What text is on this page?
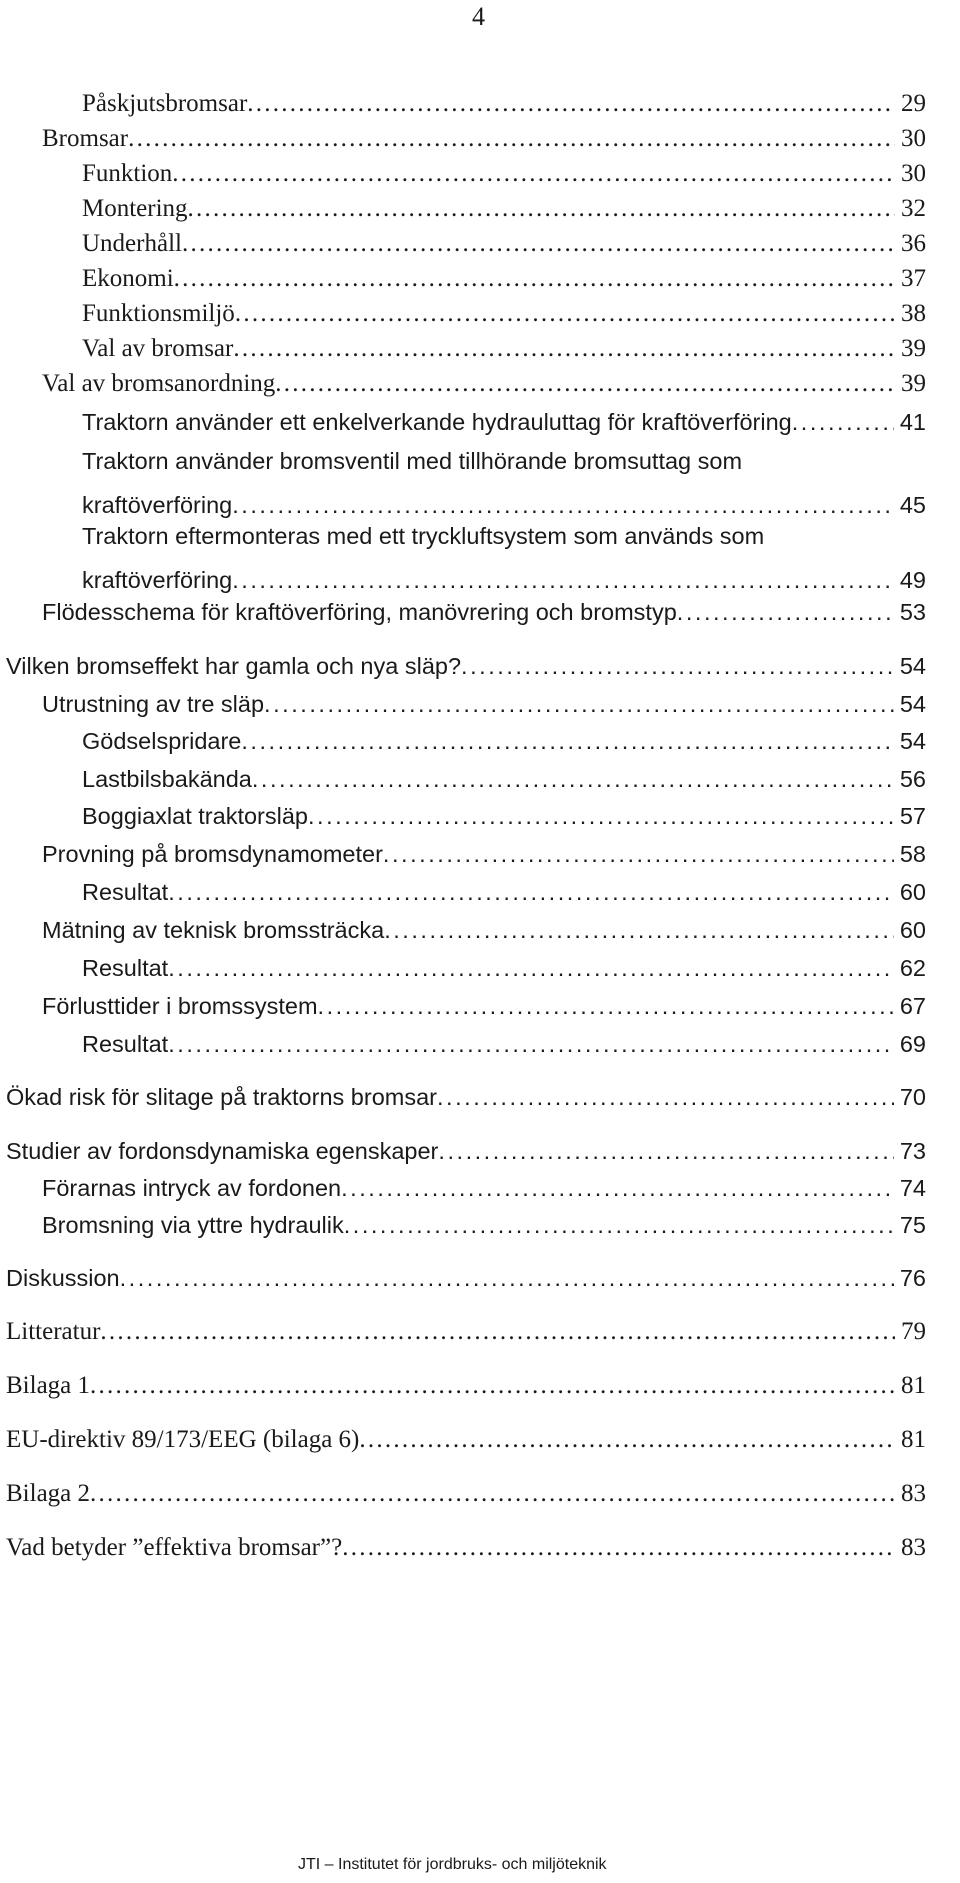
4
Påskjutsbromsar . . .	29
Bromsar . . .	30
Funktion . . .	30
Montering . . .	32
Underhåll . . .	36
Ekonomi . . .	37
Funktionsmiljö . . .	38
Val av bromsar . . .	39
Val av bromsanordning . . .	39
Traktorn använder ett enkelverkande hydrauluttag för kraftöverföring . . .	41
Traktorn använder bromsventil med tillhörande bromsuttag som
kraftöverföring . . .	45
Traktorn eftermonteras med ett tryckluftsystem som används som
kraftöverföring . . .	49
Flödesschema för kraftöverföring, manövrering och bromstyp . . .	53
Vilken bromseffekt har gamla och nya släp? . . .	54
Utrustning av tre släp . . .	54
Gödselspridare . . .	54
Lastbilsbakända . . .	56
Boggiaxlat traktorsläp . . .	57
Provning på bromsdynamometer . . .	58
Resultat . . .	60
Mätning av teknisk bromssträcka . . .	60
Resultat . . .	62
Förlusttider i bromssystem . . .	67
Resultat . . .	69
Ökad risk för slitage på traktorns bromsar . . .	70
Studier av fordonsdynamiska egenskaper . . .	73
Förarnas intryck av fordonen . . .	74
Bromsning via yttre hydraulik . . .	75
Diskussion . . .	76
Litteratur . . .	79
Bilaga 1 . . .	81
EU-direktiv 89/173/EEG (bilaga 6) . . .	81
Bilaga 2 . . .	83
Vad betyder ”effektiva bromsar”? . . .	83
JTI – Institutet för jordbruks- och miljöteknik
